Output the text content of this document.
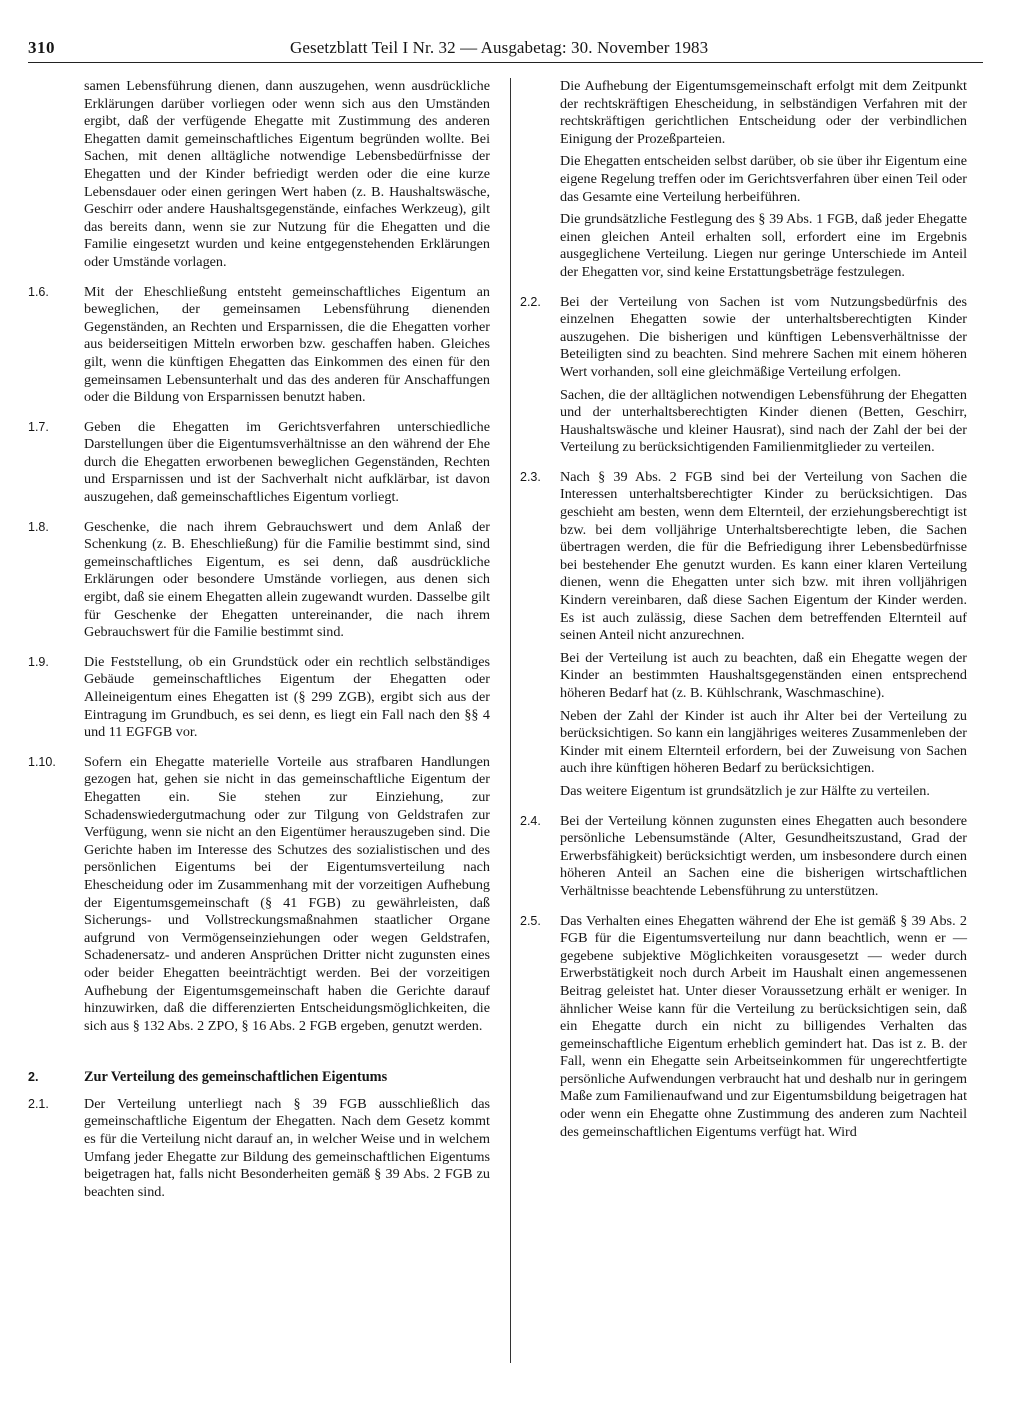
310	Gesetzblatt Teil I Nr. 32 — Ausgabetag: 30. November 1983

samen Lebensführung dienen, dann auszugehen, wenn ausdrückliche Erklärungen darüber vorliegen oder wenn sich aus den Umständen ergibt, daß der verfügende Ehegatte mit Zustimmung des anderen Ehegatten damit gemeinschaftliches Eigentum begründen wollte. Bei Sachen, mit denen alltägliche notwendige Lebensbedürfnisse der Ehegatten und der Kinder befriedigt werden oder die eine kurze Lebensdauer oder einen geringen Wert haben (z. B. Haushaltswäsche, Geschirr oder andere Haushaltsgegenstände, einfaches Werkzeug), gilt das bereits dann, wenn sie zur Nutzung für die Ehegatten und die Familie eingesetzt wurden und keine entgegenstehenden Erklärungen oder Umstände vorlagen.

1.6. Mit der Eheschließung entsteht gemeinschaftliches Eigentum an beweglichen, der gemeinsamen Lebensführung dienenden Gegenständen, an Rechten und Ersparnissen, die die Ehegatten vorher aus beiderseitigen Mitteln erworben bzw. geschaffen haben. Gleiches gilt, wenn die künftigen Ehegatten das Einkommen des einen für den gemeinsamen Lebensunterhalt und das des anderen für Anschaffungen oder die Bildung von Ersparnissen benutzt haben.
1.7. Geben die Ehegatten im Gerichtsverfahren unterschiedliche Darstellungen über die Eigentumsverhältnisse an den während der Ehe durch die Ehegatten erworbenen beweglichen Gegenständen, Rechten und Ersparnissen und ist der Sachverhalt nicht aufklärbar, ist davon auszugehen, daß gemeinschaftliches Eigentum vorliegt.
1.8. Geschenke, die nach ihrem Gebrauchswert und dem Anlaß der Schenkung (z. B. Eheschließung) für die Familie bestimmt sind, sind gemeinschaftliches Eigentum, es sei denn, daß ausdrückliche Erklärungen oder besondere Umstände vorliegen, aus denen sich ergibt, daß sie einem Ehegatten allein zugewandt wurden. Dasselbe gilt für Geschenke der Ehegatten untereinander, die nach ihrem Gebrauchswert für die Familie bestimmt sind.
1.9. Die Feststellung, ob ein Grundstück oder ein rechtlich selbständiges Gebäude gemeinschaftliches Eigentum der Ehegatten oder Alleineigentum eines Ehegatten ist (§ 299 ZGB), ergibt sich aus der Eintragung im Grundbuch, es sei denn, es liegt ein Fall nach den §§ 4 und 11 EGFGB vor.
1.10. Sofern ein Ehegatte materielle Vorteile aus strafbaren Handlungen gezogen hat, gehen sie nicht in das gemeinschaftliche Eigentum der Ehegatten ein. Sie stehen zur Einziehung, zur Schadenswiedergutmachung oder zur Tilgung von Geldstrafen zur Verfügung, wenn sie nicht an den Eigentümer herauszugeben sind. Die Gerichte haben im Interesse des Schutzes des sozialistischen und des persönlichen Eigentums bei der Eigentumsverteilung nach Ehescheidung oder im Zusammenhang mit der vorzeitigen Aufhebung der Eigentumsgemeinschaft (§ 41 FGB) zu gewährleisten, daß Sicherungs- und Vollstreckungsmaßnahmen staatlicher Organe aufgrund von Vermögenseinziehungen oder wegen Geldstrafen, Schadenersatz- und anderen Ansprüchen Dritter nicht zugunsten eines oder beider Ehegatten beeinträchtigt werden. Bei der vorzeitigen Aufhebung der Eigentumsgemeinschaft haben die Gerichte darauf hinzuwirken, daß die differenzierten Entscheidungsmöglichkeiten, die sich aus § 132 Abs. 2 ZPO, § 16 Abs. 2 FGB ergeben, genutzt werden.
2.	Zur Verteilung des gemeinschaftlichen Eigentums
2.1. Der Verteilung unterliegt nach § 39 FGB ausschließlich das gemeinschaftliche Eigentum der Ehegatten. Nach dem Gesetz kommt es für die Verteilung nicht darauf an, in welcher Weise und in welchem Umfang jeder Ehegatte zur Bildung des gemeinschaftlichen Eigentums beigetragen hat, falls nicht Besonderheiten gemäß § 39 Abs. 2 FGB zu beachten sind.

Die Aufhebung der Eigentumsgemeinschaft erfolgt mit dem Zeitpunkt der rechtskräftigen Ehescheidung, in selbständigen Verfahren mit der rechtskräftigen gerichtlichen Entscheidung oder der verbindlichen Einigung der Prozeßparteien.

Die Ehegatten entscheiden selbst darüber, ob sie über ihr Eigentum eine eigene Regelung treffen oder im Gerichtsverfahren über einen Teil oder das Gesamte eine Verteilung herbeiführen.

Die grundsätzliche Festlegung des § 39 Abs. 1 FGB, daß jeder Ehegatte einen gleichen Anteil erhalten soll, erfordert eine im Ergebnis ausgeglichene Verteilung. Liegen nur geringe Unterschiede im Anteil der Ehegatten vor, sind keine Erstattungsbeträge festzulegen.

2.2. Bei der Verteilung von Sachen ist vom Nutzungsbedürfnis des einzelnen Ehegatten sowie der unterhaltsberechtigten Kinder auszugehen. Die bisherigen und künftigen Lebensverhältnisse der Beteiligten sind zu beachten. Sind mehrere Sachen mit einem höheren Wert vorhanden, soll eine gleichmäßige Verteilung erfolgen.

Sachen, die der alltäglichen notwendigen Lebensführung der Ehegatten und der unterhaltsberechtigten Kinder dienen (Betten, Geschirr, Haushaltswäsche und kleiner Hausrat), sind nach der Zahl der bei der Verteilung zu berücksichtigenden Familienmitglieder zu verteilen.

2.3. Nach § 39 Abs. 2 FGB sind bei der Verteilung von Sachen die Interessen unterhaltsberechtigter Kinder zu berücksichtigen. Das geschieht am besten, wenn dem Elternteil, der erziehungsberechtigt ist bzw. bei dem volljährige Unterhaltsberechtigte leben, die Sachen übertragen werden, die für die Befriedigung ihrer Lebensbedürfnisse bei bestehender Ehe genutzt wurden. Es kann einer klaren Verteilung dienen, wenn die Ehegatten unter sich bzw. mit ihren volljährigen Kindern vereinbaren, daß diese Sachen Eigentum der Kinder werden. Es ist auch zulässig, diese Sachen dem betreffenden Elternteil auf seinen Anteil nicht anzurechnen.

Bei der Verteilung ist auch zu beachten, daß ein Ehegatte wegen der Kinder an bestimmten Haushaltsgegenständen einen entsprechend höheren Bedarf hat (z. B. Kühlschrank, Waschmaschine).

Neben der Zahl der Kinder ist auch ihr Alter bei der Verteilung zu berücksichtigen. So kann ein langjähriges weiteres Zusammenleben der Kinder mit einem Elternteil erfordern, bei der Zuweisung von Sachen auch ihre künftigen höheren Bedarf zu berücksichtigen.

Das weitere Eigentum ist grundsätzlich je zur Hälfte zu verteilen.

2.4. Bei der Verteilung können zugunsten eines Ehegatten auch besondere persönliche Lebensumstände (Alter, Gesundheitszustand, Grad der Erwerbsfähigkeit) berücksichtigt werden, um insbesondere durch einen höheren Anteil an Sachen eine die bisherigen wirtschaftlichen Verhältnisse beachtende Lebensführung zu unterstützen.
2.5. Das Verhalten eines Ehegatten während der Ehe ist gemäß § 39 Abs. 2 FGB für die Eigentumsverteilung nur dann beachtlich, wenn er — gegebene subjektive Möglichkeiten vorausgesetzt — weder durch Erwerbstätigkeit noch durch Arbeit im Haushalt einen angemessenen Beitrag geleistet hat. Unter dieser Voraussetzung erhält er weniger. In ähnlicher Weise kann für die Verteilung zu berücksichtigen sein, daß ein Ehegatte durch ein nicht zu billigendes Verhalten das gemeinschaftliche Eigentum erheblich gemindert hat. Das ist z. B. der Fall, wenn ein Ehegatte sein Arbeitseinkommen für ungerechtfertigte persönliche Aufwendungen verbraucht hat und deshalb nur in geringem Maße zum Familienaufwand und zur Eigentumsbildung beigetragen hat oder wenn ein Ehegatte ohne Zustimmung des anderen zum Nachteil des gemeinschaftlichen Eigentums verfügt hat. Wird
